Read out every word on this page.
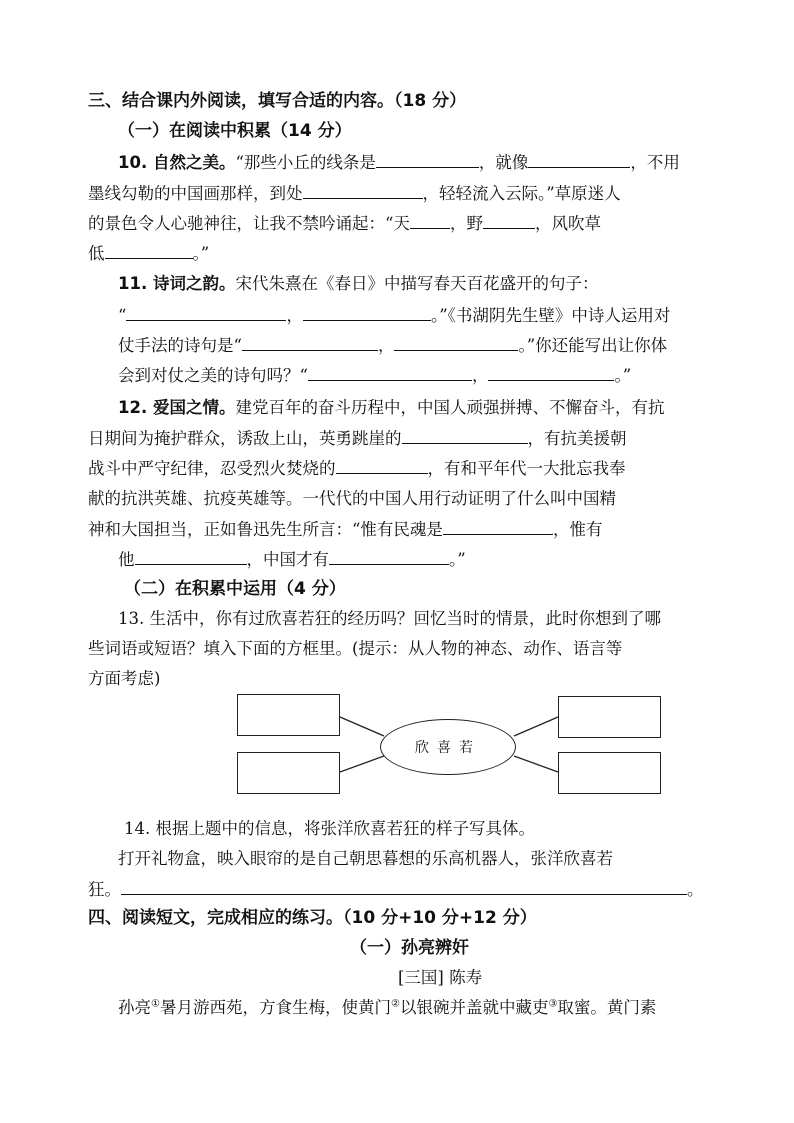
三、结合课内外阅读，填写合适的内容。（18 分）
（一）在阅读中积累（14 分）
10. 自然之美。“那些小丘的线条是	，就像	，不用
墨线勾勒的中国画那样，到处	，轻轻流入云际。”草原迷人
的景色令人心驰神往，让我不禁吟诵起：“天 ，野	，风吹草
低	。”
11. 诗词之韵。宋代朱熹在《春日》中描写春天百花盛开的句子：
“	，	。”《书湖阴先生壁》中诗人运用对
仗手法的诗句是“	，	。”你还能写出让你体
会到对仗之美的诗句吗？“	，	。”
12. 爱国之情。建党百年的奋斗历程中，中国人顽强拼搏、不懈奋斗，有抗
日期间为掩护群众，诱敌上山，英勇跳崖的	，有抗美援朝
战斗中严守纪律，忍受烈火焚烧的	，有和平年代一大批忘我奉
献的抗洪英雄、抗疫英雄等。一代代的中国人用行动证明了什么叫中国精
神和大国担当，正如鲁迅先生所言：“惟有民魂是	，惟有
他	，中国才有	。”
（二）在积累中运用（4 分）
13. 生活中，你有过欣喜若狂的经历吗？回忆当时的情景，此时你想到了哪
些词语或短语？填入下面的方框里。(提示：从人物的神态、动作、语言等
方面考虑)
欣喜若
14. 根据上题中的信息，将张洋欣喜若狂的样子写具体。
打开礼物盒，映入眼帘的是自己朝思暮想的乐高机器人，张洋欣喜若
狂。	。
四、阅读短文，完成相应的练习。（10 分+10 分+12 分）
（一）孙亮辨奸
[三国] 陈寿
孙亮①暑月游西苑，方食生梅，使黄门②以银碗并盖就中藏吏③取蜜。黄门素
